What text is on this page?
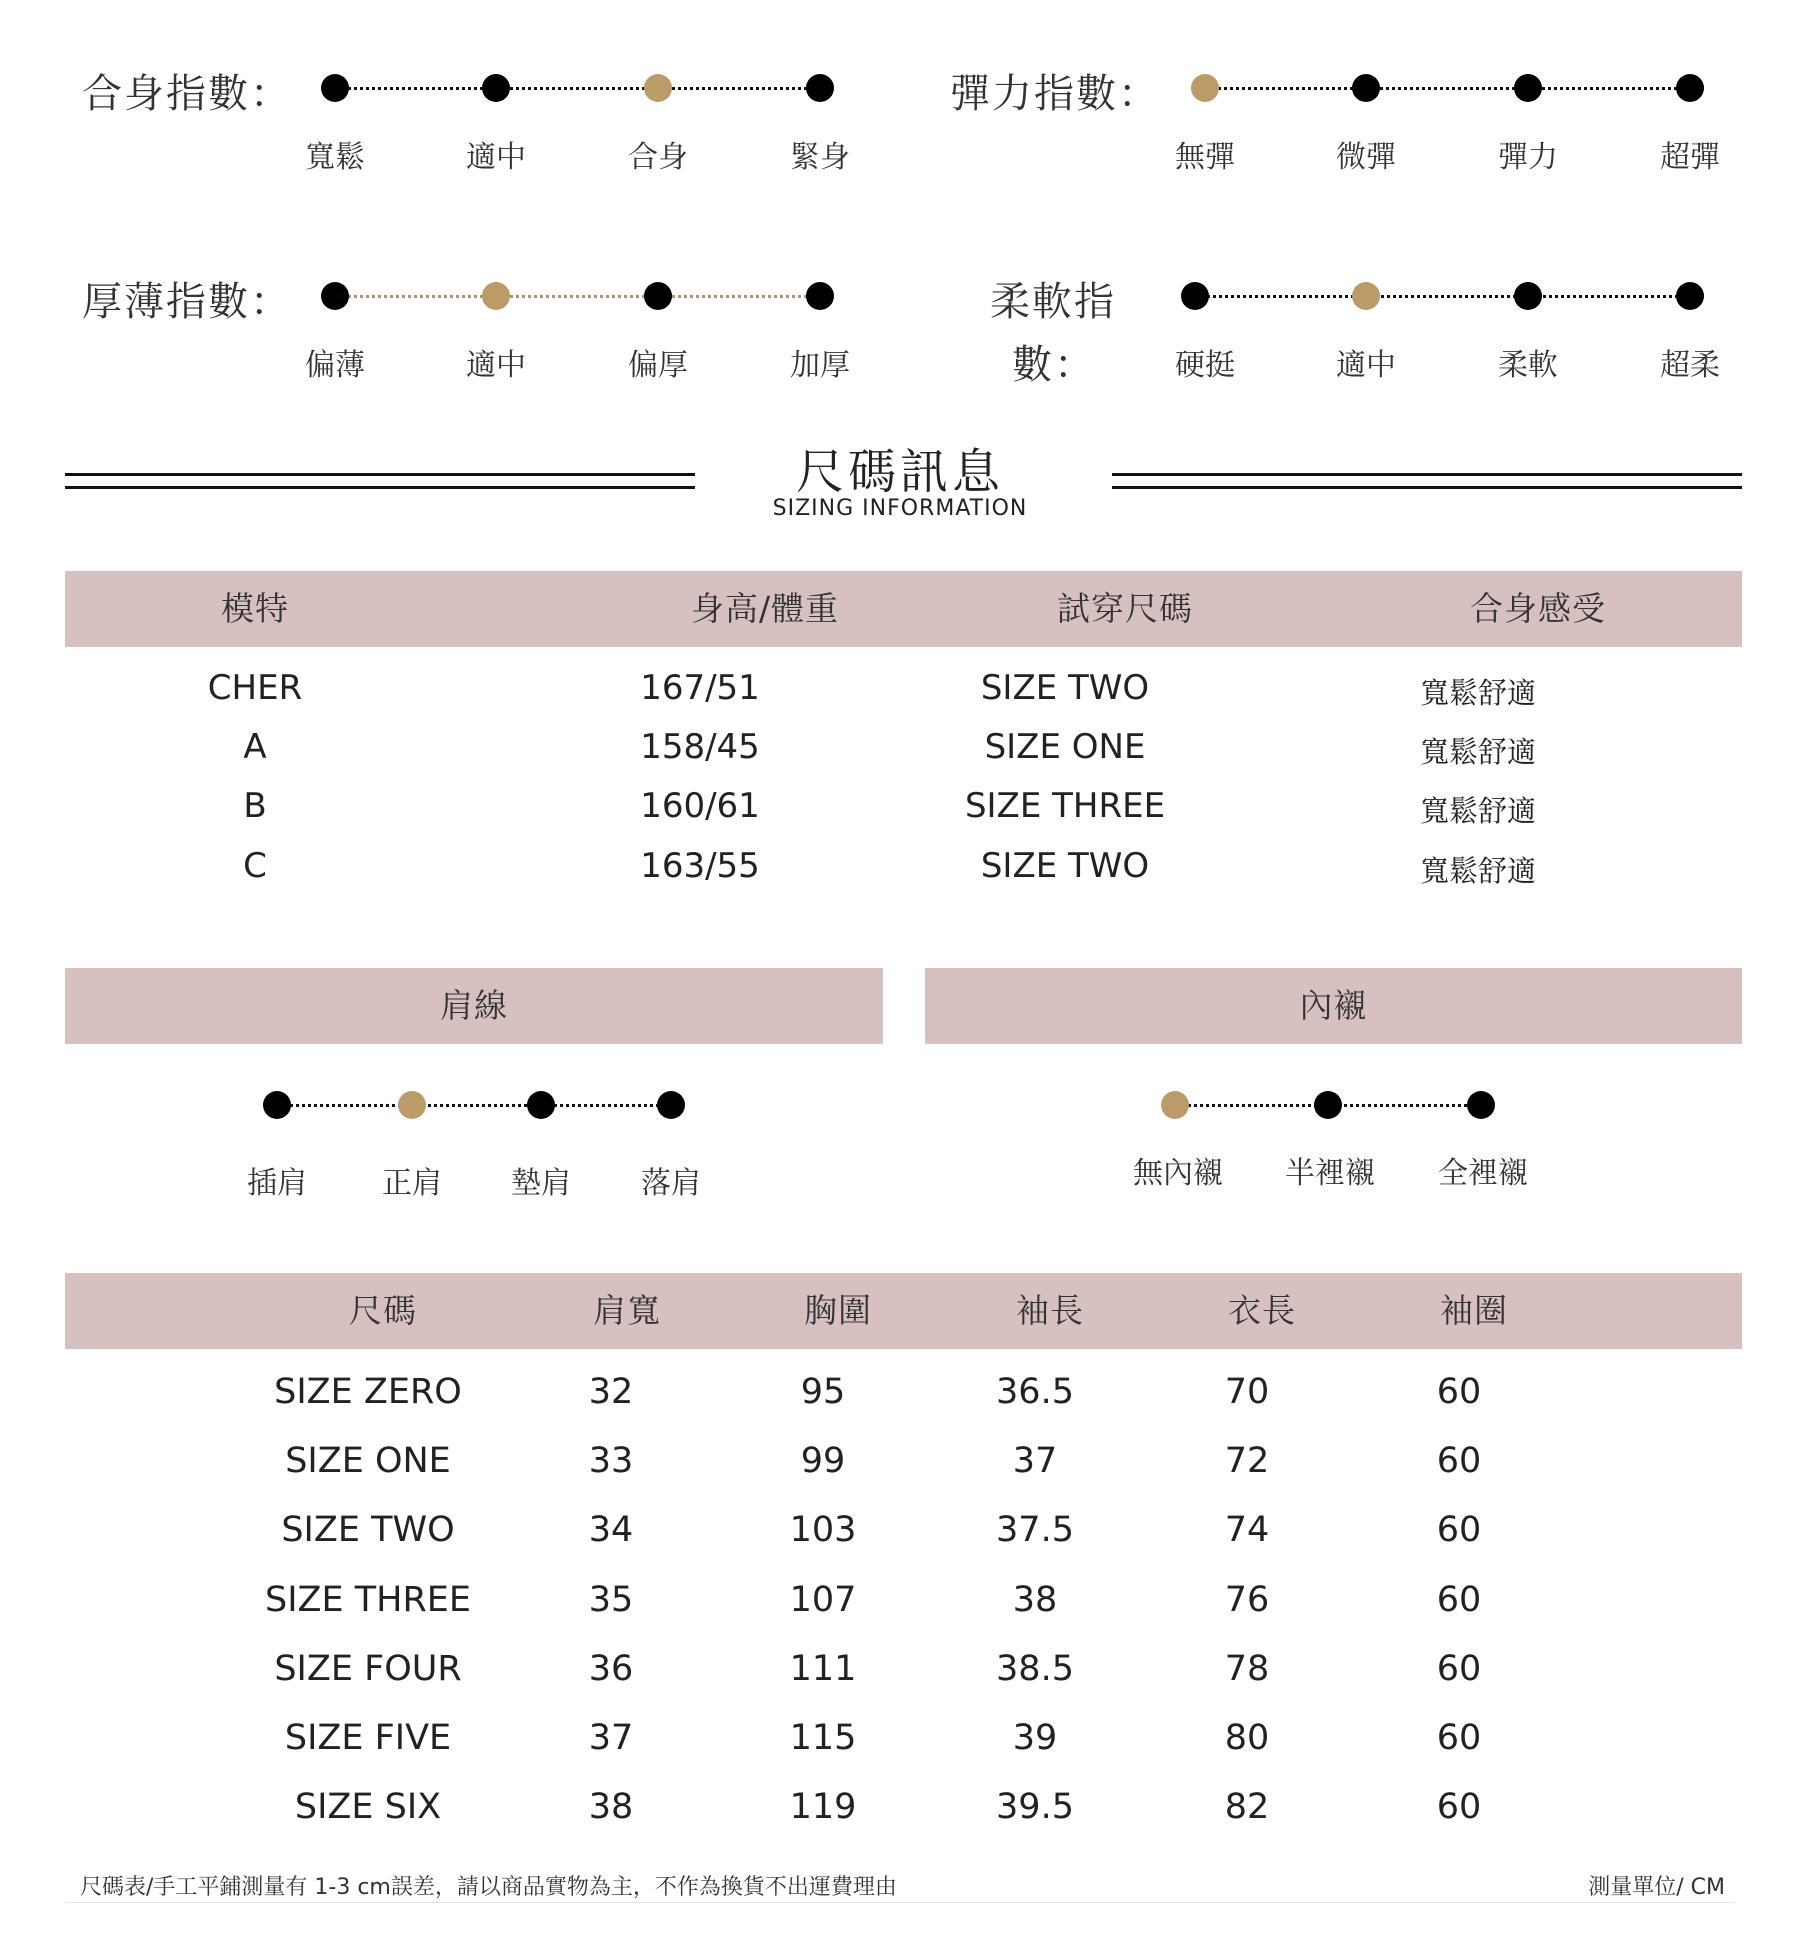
合身指數：
寬鬆	適中	合身	緊身
彈力指數：
無彈	微彈	彈力	超彈
厚薄指數：
偏薄	適中	偏厚	加厚
柔軟指
數：	硬挺	適中	柔軟	超柔
尺碼訊息
SIZING INFORMATION
模特	身高/體重	試穿尺碼	合身感受
CHER	167/51	SIZE TWO	寬鬆舒適
A	158/45	SIZE ONE	寬鬆舒適
B	160/61	SIZE THREE	寬鬆舒適
C	163/55	SIZE TWO	寬鬆舒適
肩線	內襯
插肩	正肩 墊肩 落肩	無內襯 半裡襯 全裡襯
尺碼	肩寬	胸圍	袖長	衣長	袖圈
SIZE ZERO	32	95	36.5	70	60
SIZE ONE	33	99	37	72	60
SIZE TWO	34	103	37.5	74	60
SIZE THREE	35	107	38	76	60
SIZE FOUR	36	111	38.5	78	60
SIZE FIVE	37	115	39	80	60
SIZE SIX	38	119	39.5	82	60
尺碼表/手工平鋪測量有 1-3 cm誤差，請以商品實物為主，不作為換貨不出運費理由	測量單位/ CM
